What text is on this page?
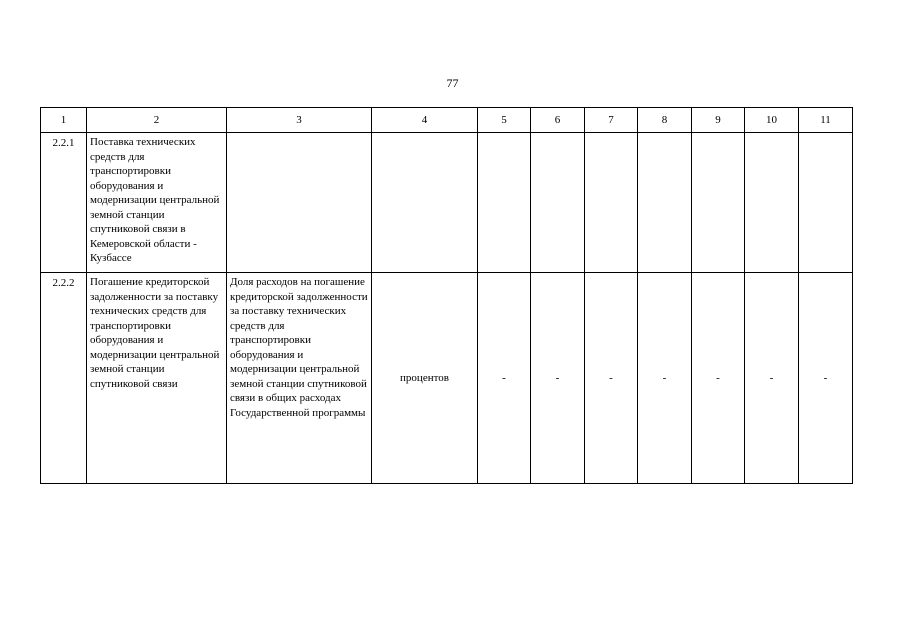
77
1	2	3	4	5	6	7	8	9	10	11
2.2.1	Поставка технических средств для транспортировки оборудования и модернизации центральной земной станции спутниковой связи в Кемеровской области - Кузбассе									
2.2.2	Погашение кредиторской задолженности за поставку технических средств для транспортировки оборудования и модернизации центральной земной станции спутниковой связи	Доля расходов на погашение кредиторской задолженности за поставку технических средств для транспортировки оборудования и модернизации центральной земной станции спутниковой связи в общих расходах Государственной программы	процентов	-	-	-	-	-	-	-
